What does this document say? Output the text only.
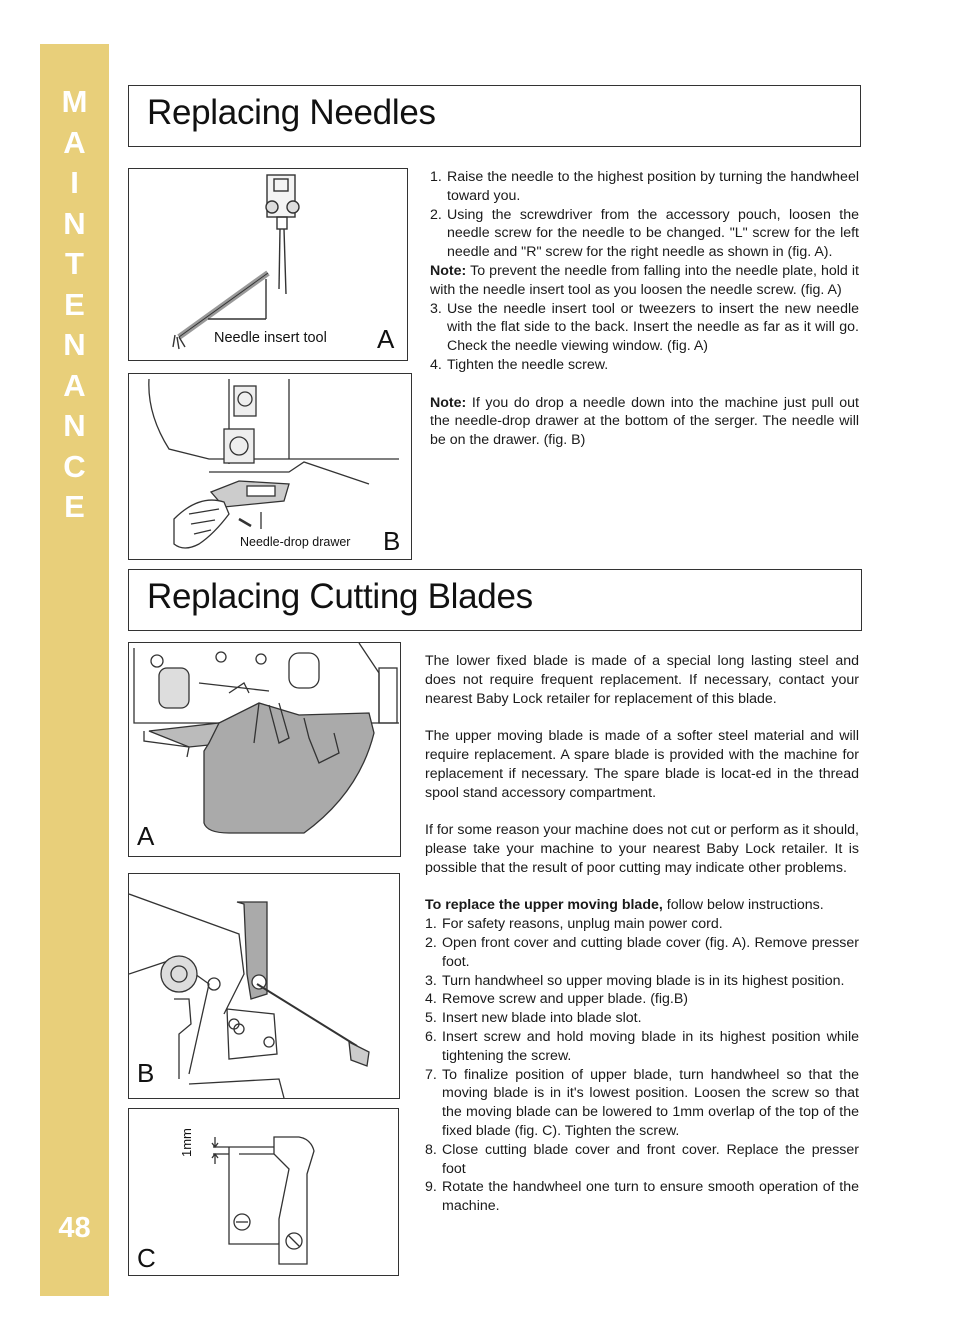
M
A
I
N
T
E
N
A
N
C
E
48
Replacing Needles
Needle insert tool A
Needle-drop drawer B
1. Raise the needle to the highest position by turning the handwheel toward you.
2. Using the screwdriver from the accessory pouch, loosen the needle screw for the needle to be changed. "L" screw for the left needle and "R" screw for the right needle as shown in (fig. A).

Note: To prevent the needle from falling into the needle plate, hold it with the needle insert tool as you loosen the needle screw. (fig. A)

3. Use the needle insert tool or tweezers to insert the new needle with the flat side to the back. Insert the needle as far as it will go. Check the needle viewing window. (fig. A)
4. Tighten the needle screw.

Note: If you do drop a needle down into the machine just pull out the needle-drop drawer at the bottom of the serger. The needle will be on the drawer. (fig. B)

Replacing Cutting Blades
A
B
1mm
C

The lower fixed blade is made of a special long lasting steel and does not require frequent replacement. If necessary, contact your nearest Baby Lock retailer for replacement of this blade.

The upper moving blade is made of a softer steel material and will require replacement. A spare blade is provided with the machine for replacement if necessary. The spare blade is locat-ed in the thread spool stand accessory compartment.

If for some reason your machine does not cut or perform as it should, please take your machine to your nearest Baby Lock retailer. It is possible that the result of poor cutting may indicate other problems.

To replace the upper moving blade, follow below instructions.

1. For safety reasons, unplug main power cord.
2. Open front cover and cutting blade cover (fig. A). Remove presser foot.
3. Turn handwheel so upper moving blade is in its highest position.
4. Remove screw and upper blade. (fig.B)
5. Insert new blade into blade slot.
6. Insert screw and hold moving blade in its highest position while tightening the screw.
7. To finalize position of upper blade, turn handwheel so that the moving blade is in it's lowest position. Loosen the screw so that the moving blade can be lowered to 1mm overlap of the top of the fixed blade (fig. C). Tighten the screw.
8. Close cutting blade cover and front cover. Replace the presser foot
9. Rotate the handwheel one turn to ensure smooth operation of the machine.
